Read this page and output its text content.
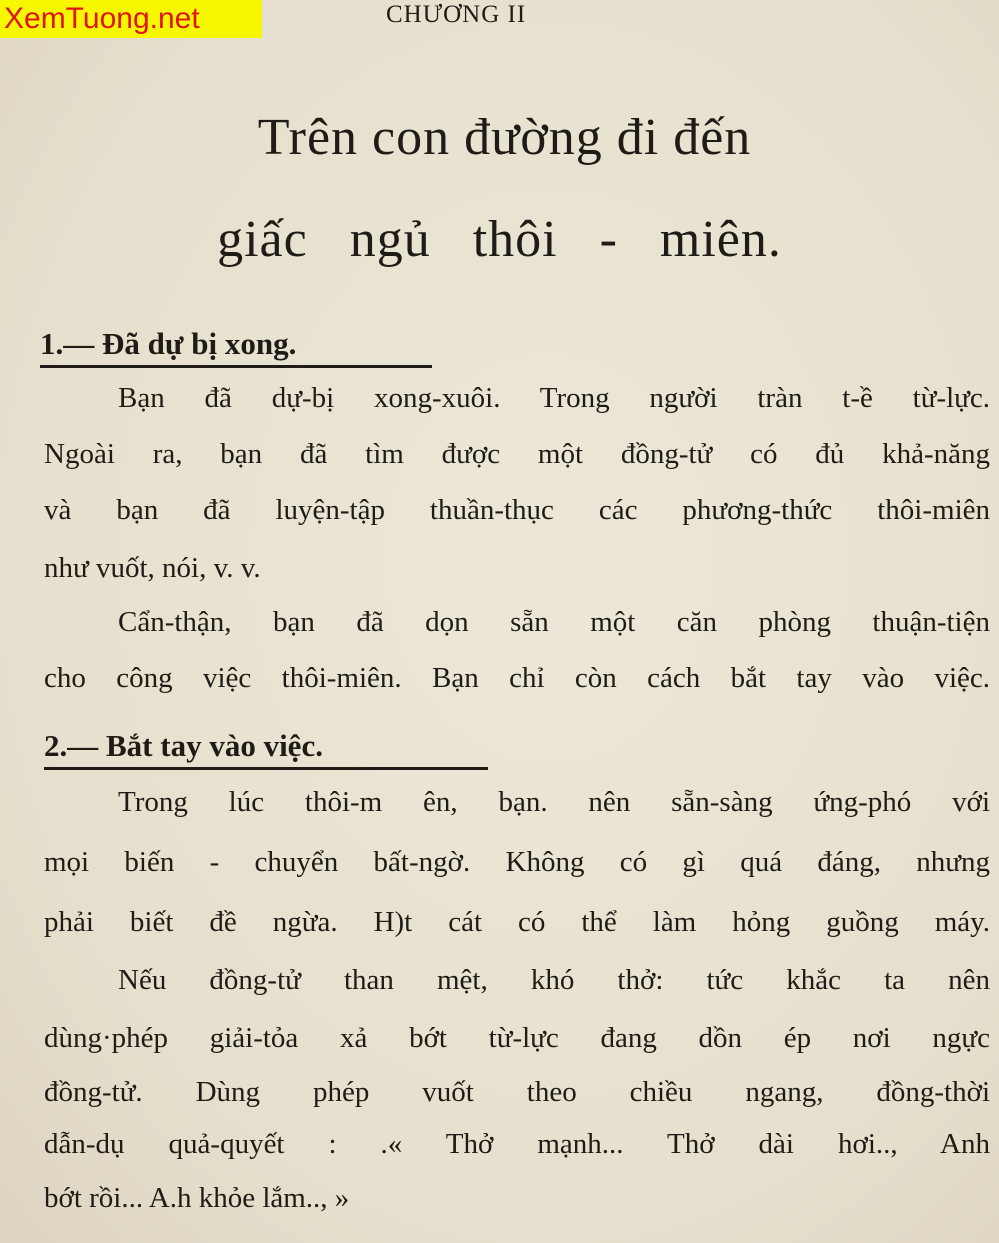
XemTuong.net	CHƯƠNG II
Trên con đường đi đến
giấc ngủ thôi - miên.
1.— Đã dự bị xong.
Bạn đã dự-bị xong-xuôi. Trong người tràn t-ề từ-lực.
Ngoài ra, bạn đã tìm được một đồng-tử có đủ khả-năng
và bạn đã luyện-tập thuần-thục các phương-thức thôi-miên
như vuốt, nói, v. v.
Cẩn-thận, bạn đã dọn sẵn một căn phòng thuận-tiện
cho công việc thôi-miên. Bạn chỉ còn cách bắt tay vào việc.
2.— Bắt tay vào việc.
Trong lúc thôi-m ên, bạn. nên sẵn-sàng ứng-phó với
mọi biến - chuyển bất-ngờ. Không có gì quá đáng, nhưng
phải biết đề ngừa. H)t cát có thể làm hỏng guồng máy.
Nếu đồng-tử than mệt, khó thở: tức khắc ta nên
dùng·phép giải-tỏa xả bớt từ-lực đang dồn ép nơi ngực
đồng-tử. Dùng phép vuốt theo chiều ngang, đồng-thời
dẫn-dụ quả-quyết : .« Thở mạnh... Thở dài hơi.., Anh
bớt rồi... A.h khỏe lắm.., »
